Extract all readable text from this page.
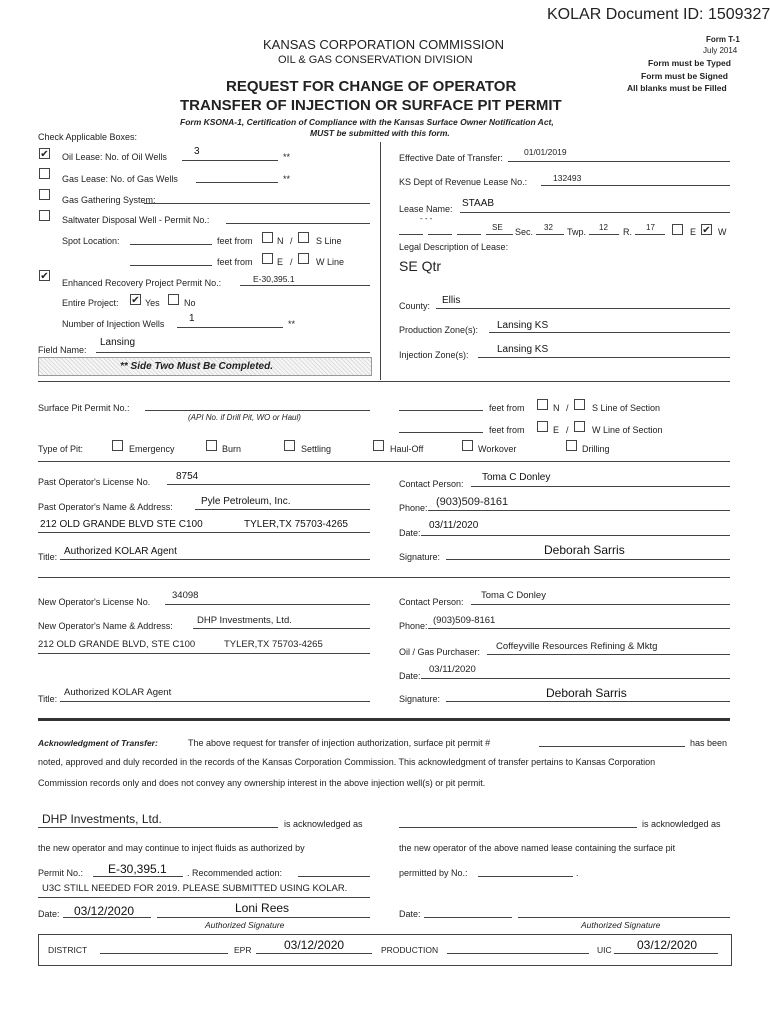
KOLAR Document ID: 1509327
KANSAS CORPORATION COMMISSION
OIL & GAS CONSERVATION DIVISION
Form T-1
July 2014
Form must be Typed
Form must be Signed
All blanks must be Filled
REQUEST FOR CHANGE OF OPERATOR
TRANSFER OF INJECTION OR SURFACE PIT PERMIT
Form KSONA-1, Certification of Compliance with the Kansas Surface Owner Notification Act,
MUST be submitted with this form.
Check Applicable Boxes:
✔ Oil Lease: No. of Oil Wells	3	**
Gas Lease: No. of Gas Wells	**
Gas Gathering System:
Saltwater Disposal Well - Permit No.:
Spot Location:	feet from	N /	S Line
feet from	E /	W Line
✔
Enhanced Recovery Project Permit No.:	E-30,395.1
Entire Project: ✔ Yes	No
Number of Injection Wells 1	**
Field Name:
Lansing
** Side Two Must Be Completed.
Effective Date of Transfer:
01/01/2019
KS Dept of Revenue Lease No.:	132493
Lease Name: STAAB
- - -
SE Sec. 32 Twp. 12 R. 17	E ✔ W
Legal Description of Lease:
SE Qtr
County: Ellis
Production Zone(s): Lansing KS
Injection Zone(s):	Lansing KS
Surface Pit Permit No.:
(API No. if Drill Pit, WO or Haul)
feet from	N /	S Line of Section
feet from	E /	W Line of Section
Type of Pit:	Emergency	Burn	Settling	Haul-Off	Workover	Drilling
Past Operator's License No.	8754
Past Operator's Name & Address:	Pyle Petroleum, Inc.
212 OLD GRANDE BLVD STE C100	TYLER,TX 75703-4265
Title: Authorized KOLAR Agent
Contact Person:
Toma C Donley
Phone: (903)509-8161
Date:
03/11/2020
Signature:	Deborah Sarris
New Operator's License No.
34098
New Operator's Name & Address:	DHP Investments, Ltd.
212 OLD GRANDE BLVD, STE C100	TYLER,TX 75703-4265
Title:
Authorized KOLAR Agent
Contact Person:
Toma C Donley
Phone: (903)509-8161
Oil / Gas Purchaser: Coffeyville Resources Refining & Mktg
Date:
03/11/2020
Signature:	Deborah Sarris
Acknowledgment of Transfer:	The above request for transfer of injection authorization, surface pit permit #	has been
noted, approved and duly recorded in the records of the Kansas Corporation Commission. This acknowledgment of transfer pertains to Kansas Corporation
Commission records only and does not convey any ownership interest in the above injection well(s) or pit permit.
DHP Investments, Ltd.	is acknowledged as	is acknowledged as
the new operator and may continue to inject fluids as authorized by	the new operator of the above named lease containing the surface pit
Permit No.: E-30,395.1 . Recommended action:
U3C STILL NEEDED FOR 2019. PLEASE SUBMITTED USING KOLAR.
permitted by No.:	.
Date: 03/12/2020	Loni Rees
Authorized Signature
Date:
Authorized Signature
DISTRICT	EPR	03/12/2020	PRODUCTION	UIC 03/12/2020
